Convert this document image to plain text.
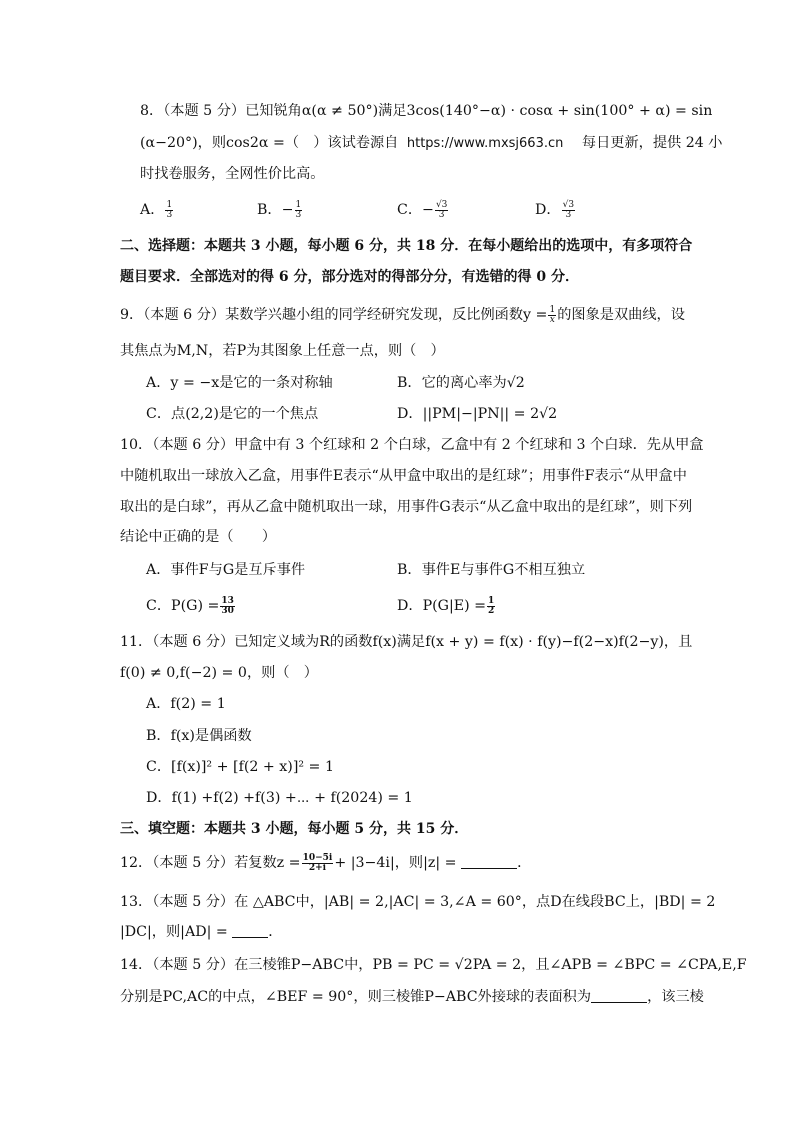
8．（本题 5 分）已知锐角α(α ≠ 50°)满足3cos(140°−α) · cosα + sin(100° + α) = sin
(α−20°)，则cos2α =（　）该试卷源自 https://www.mxsj663.cn 每日更新，提供 24 小
时找卷服务，全网性价比高。
A． $\frac{1}{3}$	B．− $\frac{1}{3}$	C．− $\frac{√3}{3}$	D． $\frac{√3}{3}$
二、选择题：本题共 3 小题，每小题 6 分，共 18 分．在每小题给出的选项中，有多项符合
题目要求．全部选对的得 6 分，部分选对的得部分分，有选错的得 0 分．
9．（本题 6 分）某数学兴趣小组的同学经研究发现，反比例函数$y = \frac{1}{x}$ 的图象是双曲线，设
其焦点为M,N，若P为其图象上任意一点，则（　）
A．y = −x是它的一条对称轴	B．它的离心率为√2
C．点(2,2)是它的一个焦点	D．||PM|−|PN|| = 2√2
10．（本题 6 分）甲盒中有 3 个红球和 2 个白球，乙盒中有 2 个红球和 3 个白球．先从甲盒
中随机取出一球放入乙盒，用事件E表示“从甲盒中取出的是红球”；用事件F表示“从甲盒中
取出的是白球”，再从乙盒中随机取出一球，用事件G表示“从乙盒中取出的是红球”，则下列
结论中正确的是（　　）
A．事件F与G是互斥事件	B．事件E与事件G不相互独立
C．$P(G) = \frac{13}{30}$	D．$P(G|E) = \frac{1}{2}$
11．（本题 6 分）已知定义域为R的函数f(x)满足f(x + y) = f(x) · f(y)−f(2−x)f(2−y)，且
f(0) ≠ 0,f(−2) = 0，则（　）
A．f(2) = 1
B．f(x)是偶函数
C．[f(x)]² + [f(2 + x)]² = 1
D．f(1) +f(2) +f(3) +⋯ + f(2024) = 1
三、填空题：本题共 3 小题，每小题 5 分，共 15 分．
12．（本题 5 分）若复数$z = \frac{10-5i}{2+i} + |3-4i|$，则|z| =	．
13．（本题 5 分）在 △ABC中，|AB| = 2,|AC| = 3,∠A = 60°，点D在线段BC上，|BD| = 2
|DC|，则|AD| =	．
14．（本题 5 分）在三棱锥P−ABC中，PB = PC = √2PA = 2，且∠APB = ∠BPC = ∠CPA,E,F
分别是PC,AC的中点，∠BEF = 90°，则三棱锥P−ABC外接球的表面积为	，该三棱
